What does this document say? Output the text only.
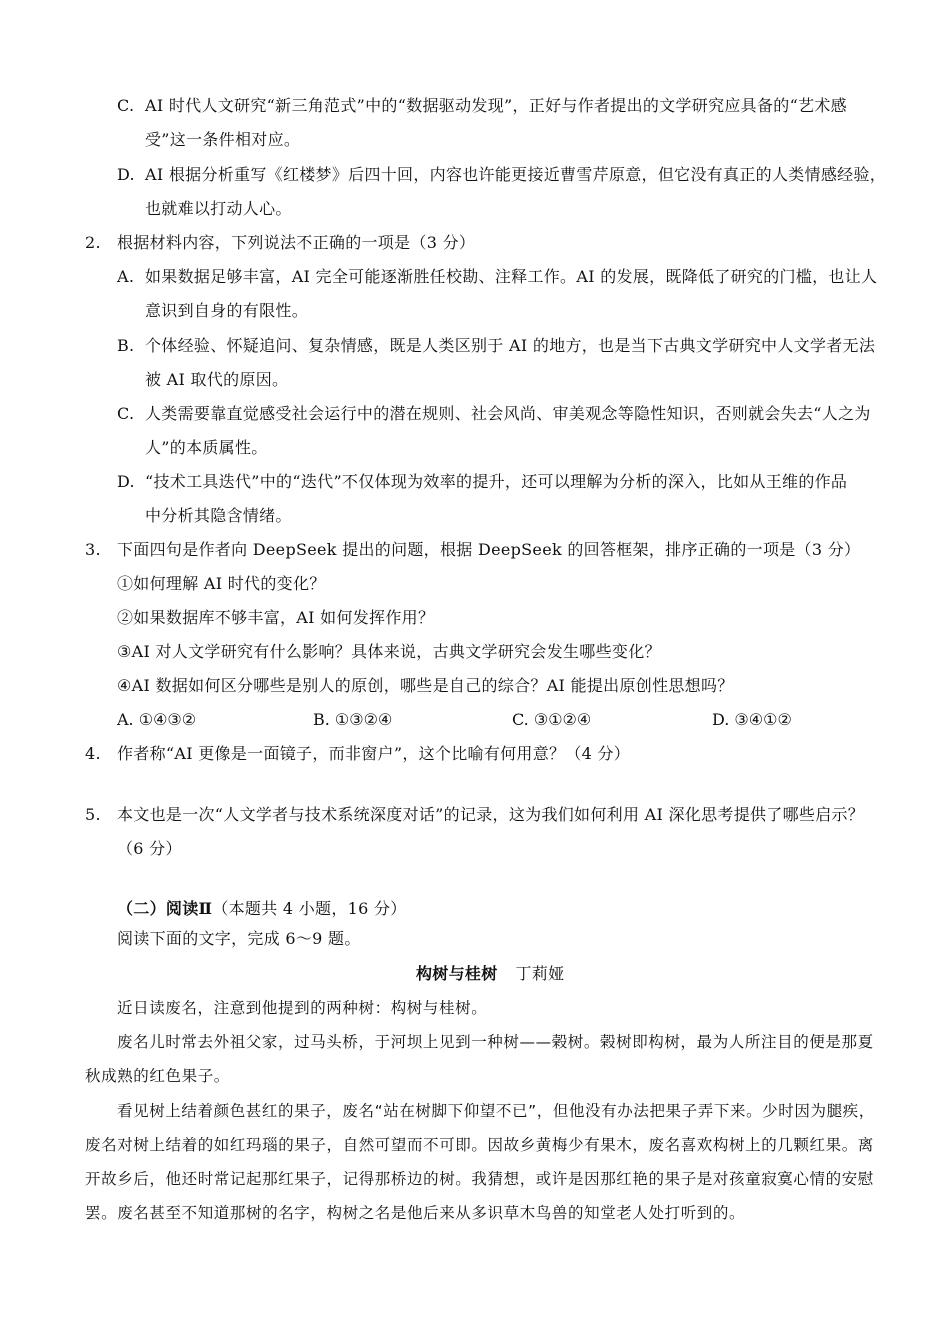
C. AI 时代人文研究“新三角范式”中的“数据驱动发现”，正好与作者提出的文学研究应具备的“艺术感
受”这一条件相对应。
D. AI 根据分析重写《红楼梦》后四十回，内容也许能更接近曹雪芹原意，但它没有真正的人类情感经验，
也就难以打动人心。
2. 根据材料内容，下列说法不正确的一项是（3 分）
A. 如果数据足够丰富，AI 完全可能逐渐胜任校勘、注释工作。AI 的发展，既降低了研究的门槛，也让人
意识到自身的有限性。
B. 个体经验、怀疑追问、复杂情感，既是人类区别于 AI 的地方，也是当下古典文学研究中人文学者无法
被 AI 取代的原因。
C. 人类需要靠直觉感受社会运行中的潜在规则、社会风尚、审美观念等隐性知识，否则就会失去“人之为
人”的本质属性。
D. “技术工具迭代”中的“迭代”不仅体现为效率的提升，还可以理解为分析的深入，比如从王维的作品
中分析其隐含情绪。
3. 下面四句是作者向 DeepSeek 提出的问题，根据 DeepSeek 的回答框架，排序正确的一项是（3 分）
①如何理解 AI 时代的变化？
②如果数据库不够丰富，AI 如何发挥作用？
③AI 对人文学研究有什么影响？具体来说，古典文学研究会发生哪些变化？
④AI 数据如何区分哪些是别人的原创，哪些是自己的综合？AI 能提出原创性思想吗？
A. ①④③②	B. ①③②④	C. ③①②④	D. ③④①②
4. 作者称“AI 更像是一面镜子，而非窗户”，这个比喻有何用意？（4 分）
5. 本文也是一次“人文学者与技术系统深度对话”的记录，这为我们如何利用 AI 深化思考提供了哪些启示？
（6 分）
（二）阅读Ⅱ（本题共 4 小题，16 分）
阅读下面的文字，完成 6～9 题。
构树与桂树 丁莉娅
近日读废名，注意到他提到的两种树：构树与桂树。
废名儿时常去外祖父家，过马头桥，于河坝上见到一种树——榖树。榖树即构树，最为人所注目的便是那夏
秋成熟的红色果子。
看见树上结着颜色甚红的果子，废名“站在树脚下仰望不已”，但他没有办法把果子弄下来。少时因为腿疾，
废名对树上结着的如红玛瑙的果子，自然可望而不可即。因故乡黄梅少有果木，废名喜欢构树上的几颗红果。离
开故乡后，他还时常记起那红果子，记得那桥边的树。我猜想，或许是因那红艳的果子是对孩童寂寞心情的安慰
罢。废名甚至不知道那树的名字，构树之名是他后来从多识草木鸟兽的知堂老人处打听到的。
